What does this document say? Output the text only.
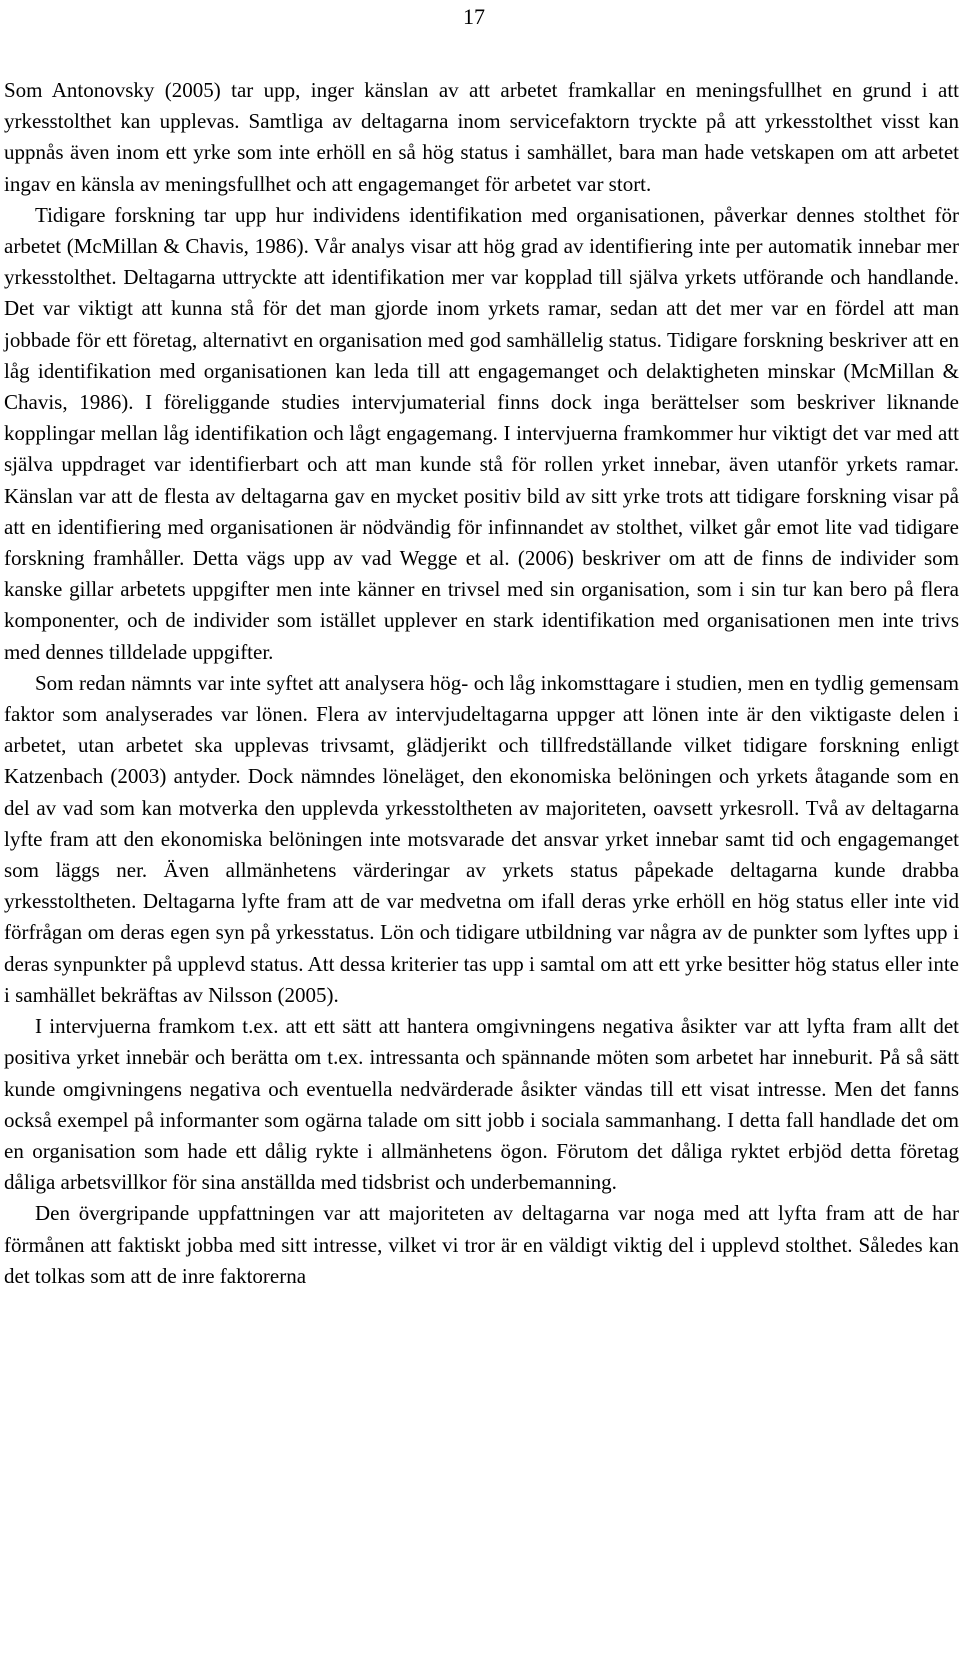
17

Som Antonovsky (2005) tar upp, inger känslan av att arbetet framkallar en meningsfullhet en grund i att yrkesstolthet kan upplevas. Samtliga av deltagarna inom servicefaktorn tryckte på att yrkesstolthet visst kan uppnås även inom ett yrke som inte erhöll en så hög status i samhället, bara man hade vetskapen om att arbetet ingav en känsla av meningsfullhet och att engagemanget för arbetet var stort.

Tidigare forskning tar upp hur individens identifikation med organisationen, påverkar dennes stolthet för arbetet (McMillan & Chavis, 1986). Vår analys visar att hög grad av identifiering inte per automatik innebar mer yrkesstolthet. Deltagarna uttryckte att identifikation mer var kopplad till själva yrkets utförande och handlande. Det var viktigt att kunna stå för det man gjorde inom yrkets ramar, sedan att det mer var en fördel att man jobbade för ett företag, alternativt en organisation med god samhällelig status. Tidigare forskning beskriver att en låg identifikation med organisationen kan leda till att engagemanget och delaktigheten minskar (McMillan & Chavis, 1986). I föreliggande studies intervjumaterial finns dock inga berättelser som beskriver liknande kopplingar mellan låg identifikation och lågt engagemang. I intervjuerna framkommer hur viktigt det var med att själva uppdraget var identifierbart och att man kunde stå för rollen yrket innebar, även utanför yrkets ramar. Känslan var att de flesta av deltagarna gav en mycket positiv bild av sitt yrke trots att tidigare forskning visar på att en identifiering med organisationen är nödvändig för infinnandet av stolthet, vilket går emot lite vad tidigare forskning framhåller. Detta vägs upp av vad Wegge et al. (2006) beskriver om att de finns de individer som kanske gillar arbetets uppgifter men inte känner en trivsel med sin organisation, som i sin tur kan bero på flera komponenter, och de individer som istället upplever en stark identifikation med organisationen men inte trivs med dennes tilldelade uppgifter.

Som redan nämnts var inte syftet att analysera hög- och låg inkomsttagare i studien, men en tydlig gemensam faktor som analyserades var lönen. Flera av intervjudeltagarna uppger att lönen inte är den viktigaste delen i arbetet, utan arbetet ska upplevas trivsamt, glädjerikt och tillfredställande vilket tidigare forskning enligt Katzenbach (2003) antyder. Dock nämndes löneläget, den ekonomiska belöningen och yrkets åtagande som en del av vad som kan motverka den upplevda yrkesstoltheten av majoriteten, oavsett yrkesroll. Två av deltagarna lyfte fram att den ekonomiska belöningen inte motsvarade det ansvar yrket innebar samt tid och engagemanget som läggs ner. Även allmänhetens värderingar av yrkets status påpekade deltagarna kunde drabba yrkesstoltheten. Deltagarna lyfte fram att de var medvetna om ifall deras yrke erhöll en hög status eller inte vid förfrågan om deras egen syn på yrkesstatus. Lön och tidigare utbildning var några av de punkter som lyftes upp i deras synpunkter på upplevd status. Att dessa kriterier tas upp i samtal om att ett yrke besitter hög status eller inte i samhället bekräftas av Nilsson (2005).

I intervjuerna framkom t.ex. att ett sätt att hantera omgivningens negativa åsikter var att lyfta fram allt det positiva yrket innebär och berätta om t.ex. intressanta och spännande möten som arbetet har inneburit. På så sätt kunde omgivningens negativa och eventuella nedvärderade åsikter vändas till ett visat intresse. Men det fanns också exempel på informanter som ogärna talade om sitt jobb i sociala sammanhang. I detta fall handlade det om en organisation som hade ett dålig rykte i allmänhetens ögon. Förutom det dåliga ryktet erbjöd detta företag dåliga arbetsvillkor för sina anställda med tidsbrist och underbemanning.

Den övergripande uppfattningen var att majoriteten av deltagarna var noga med att lyfta fram att de har förmånen att faktiskt jobba med sitt intresse, vilket vi tror är en väldigt viktig del i upplevd stolthet. Således kan det tolkas som att de inre faktorerna
